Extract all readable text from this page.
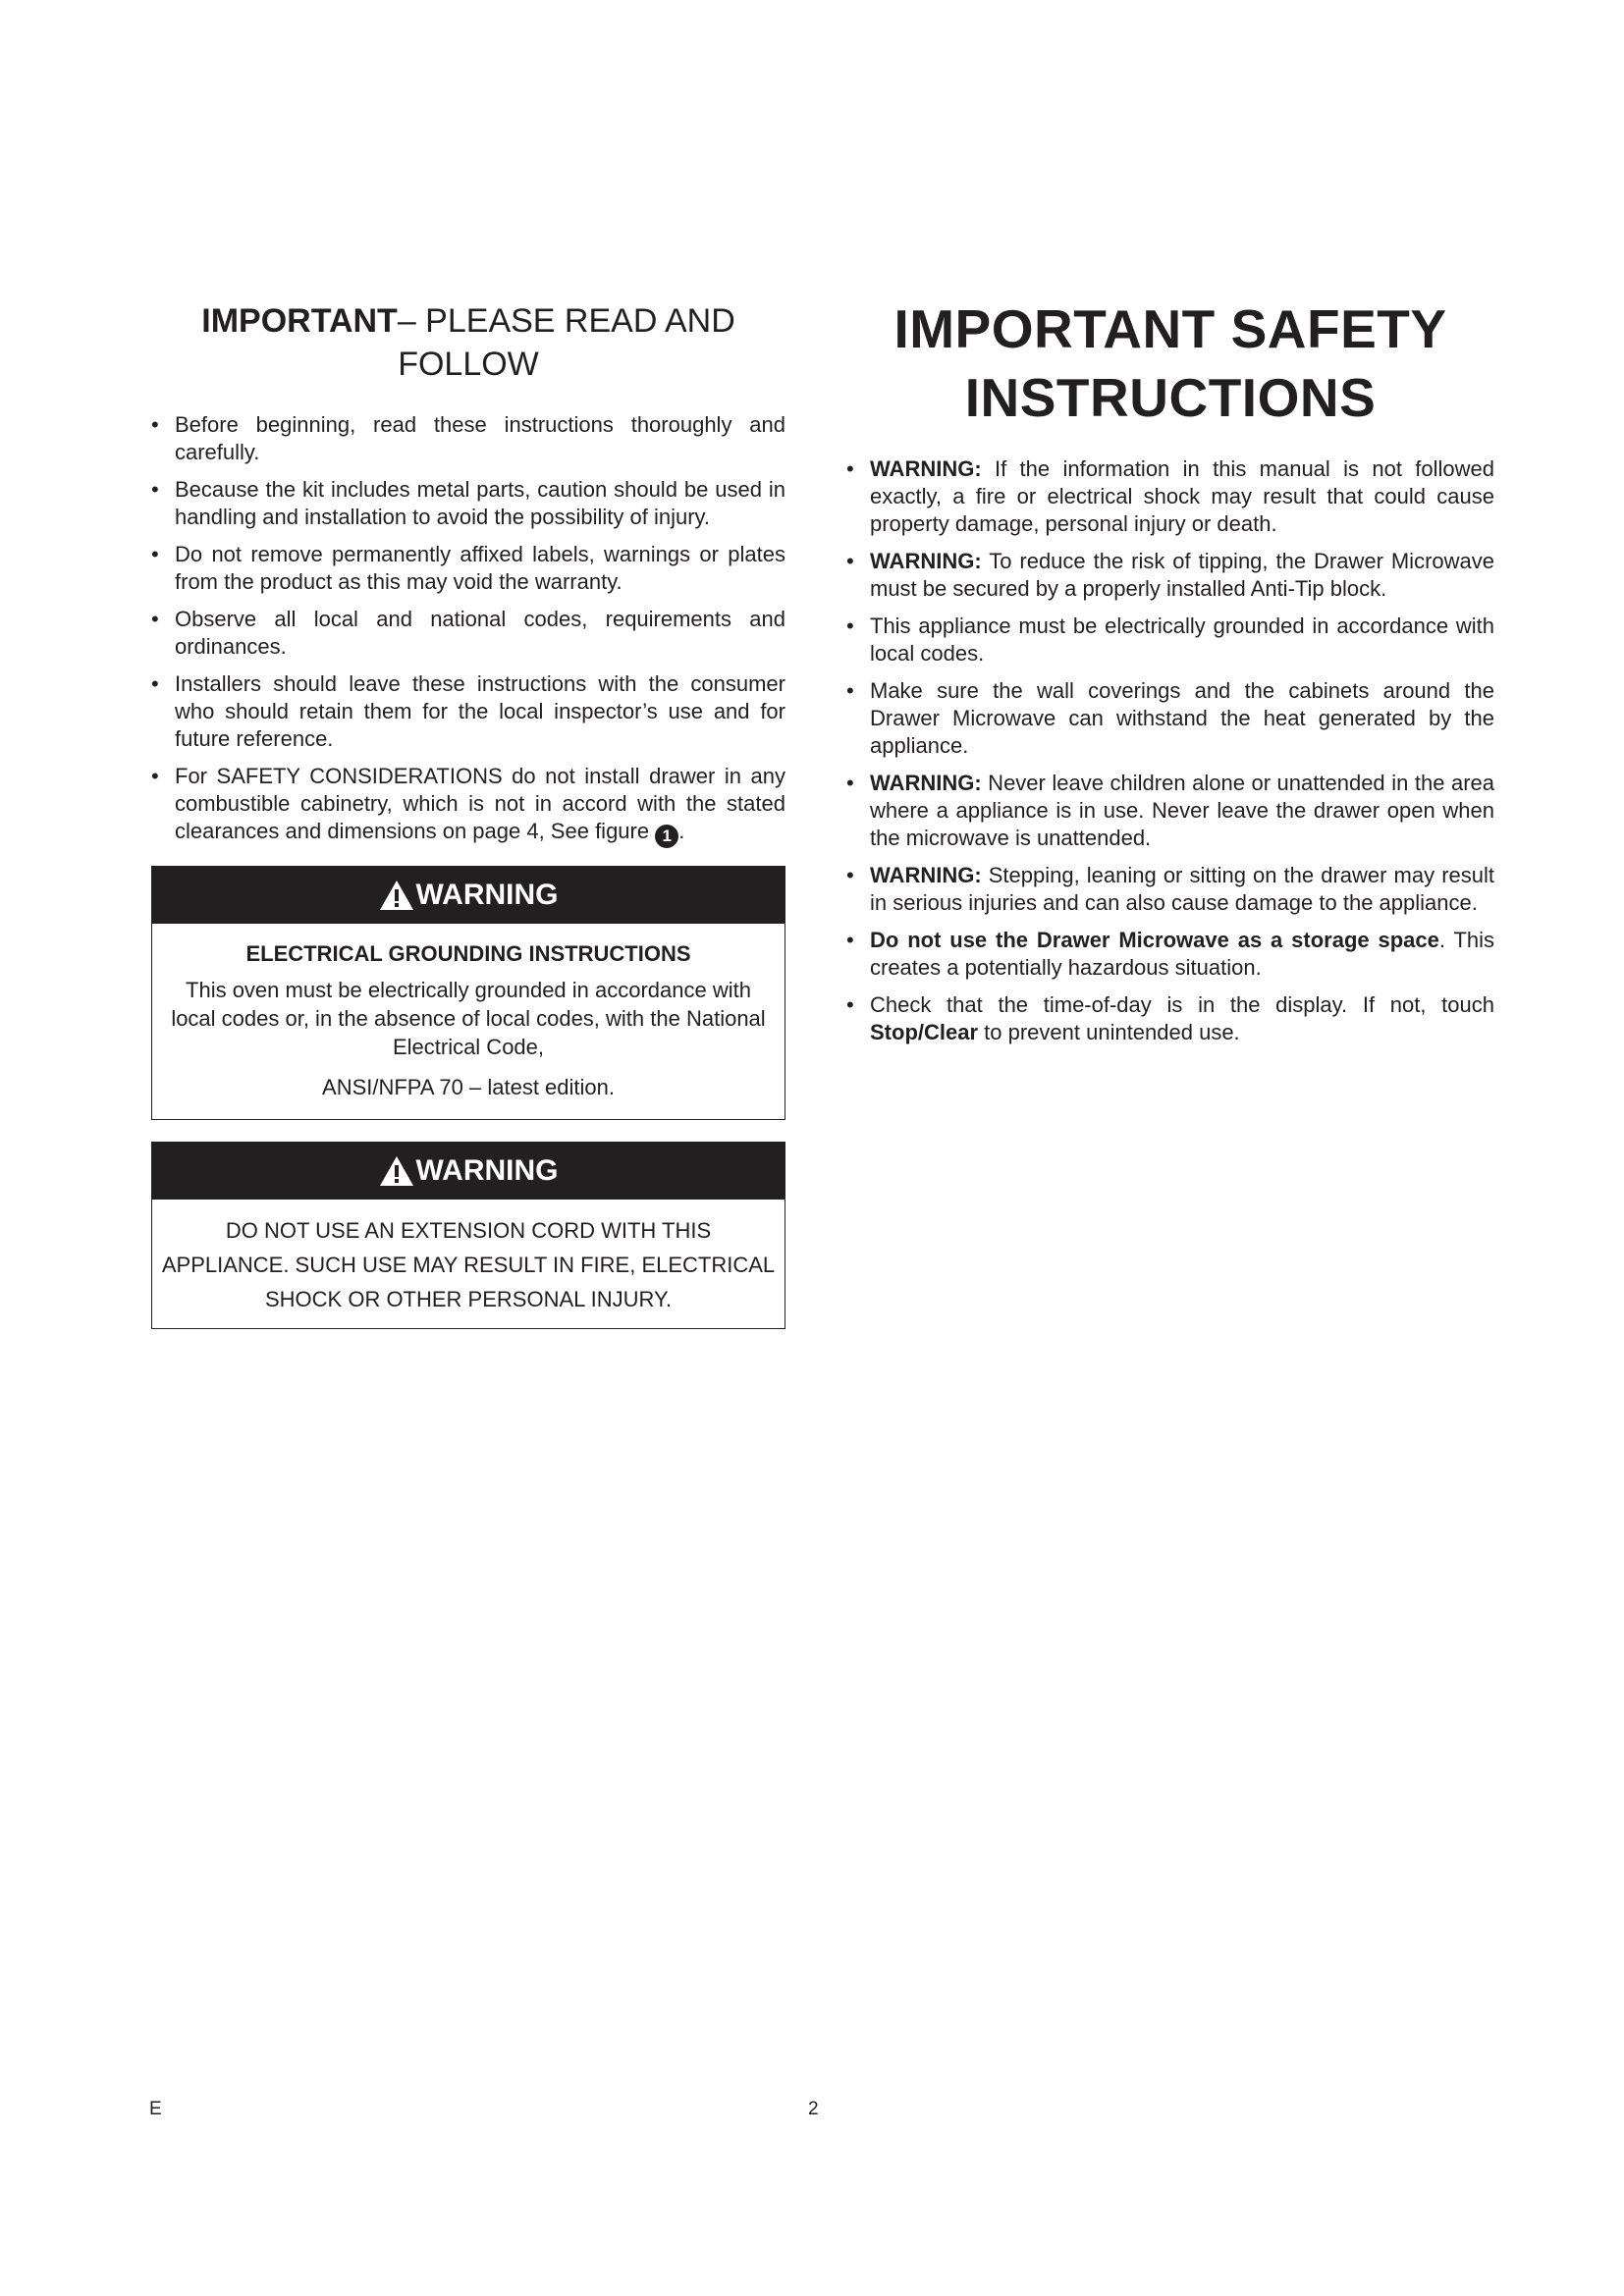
IMPORTANT– PLEASE READ AND FOLLOW
• Before beginning, read these instructions thoroughly and carefully.
• Because the kit includes metal parts, caution should be used in handling and installation to avoid the possibility of injury.
• Do not remove permanently affixed labels, warnings or plates from the product as this may void the warranty.
• Observe all local and national codes, requirements and ordinances.
• Installers should leave these instructions with the consumer who should retain them for the local inspector’s use and for future reference.
• For SAFETY CONSIDERATIONS do not install drawer in any combustible cabinetry, which is not in accord with the stated clearances and dimensions on page 4, See figure 1 .
WARNING
ELECTRICAL GROUNDING INSTRUCTIONS
This oven must be electrically grounded in accordance with local codes or, in the absence of local codes, with the National Electrical Code,
ANSI/NFPA 70 – latest edition.
WARNING
DO NOT USE AN EXTENSION CORD WITH THIS APPLIANCE. SUCH USE MAY RESULT IN FIRE, ELECTRICAL SHOCK OR OTHER PERSONAL INJURY.
IMPORTANT SAFETY INSTRUCTIONS
• WARNING: If the information in this manual is not followed exactly, a fire or electrical shock may result that could cause property damage, personal injury or death.
• WARNING: To reduce the risk of tipping, the Drawer Microwave must be secured by a properly installed Anti-Tip block.
• This appliance must be electrically grounded in accordance with local codes.
• Make sure the wall coverings and the cabinets around the Drawer Microwave can withstand the heat generated by the appliance.
• WARNING: Never leave children alone or unattended in the area where a appliance is in use. Never leave the drawer open when the microwave is unattended.
• WARNING: Stepping, leaning or sitting on the drawer may result in serious injuries and can also cause damage to the appliance.
• Do not use the Drawer Microwave as a storage space. This creates a potentially hazardous situation.
• Check that the time-of-day is in the display. If not, touch Stop/Clear to prevent unintended use.
E	2
